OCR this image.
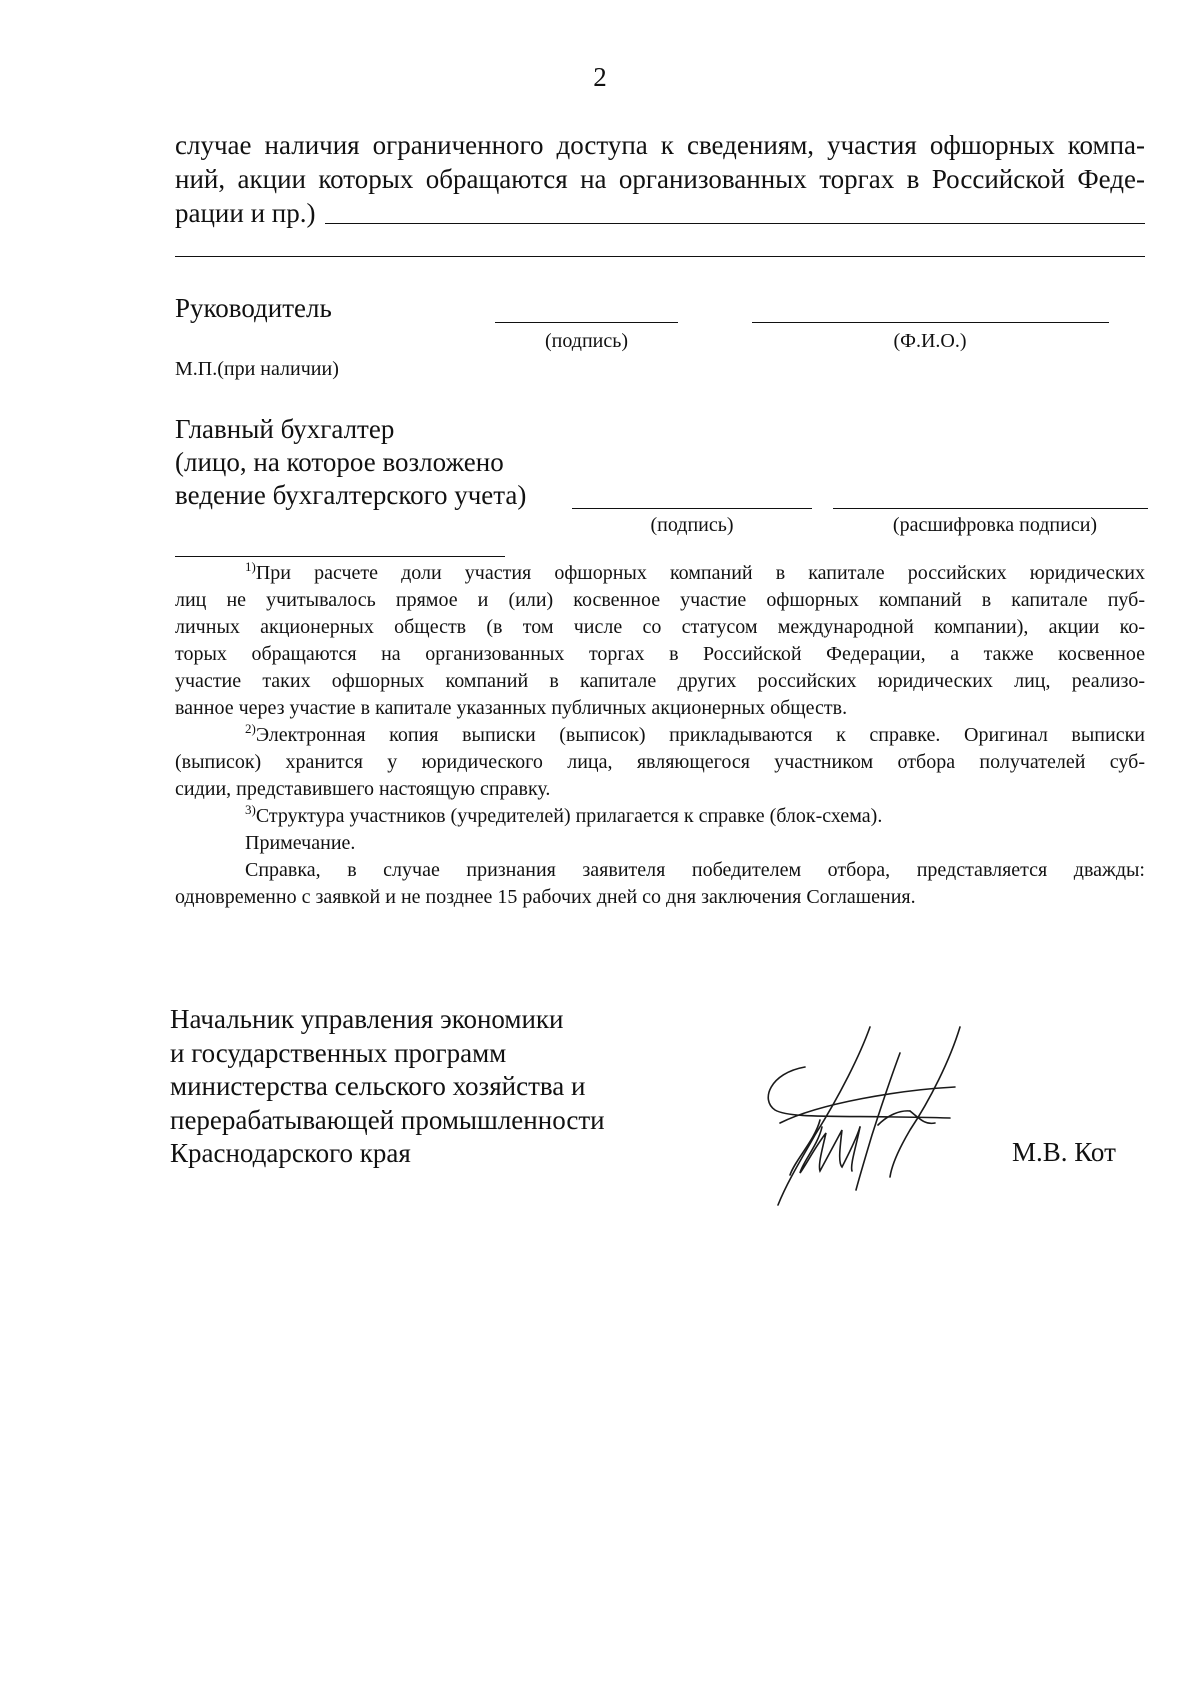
2
случае наличия ограниченного доступа к сведениям, участия офшорных компа-
ний, акции которых обращаются на организованных торгах в Российской Феде-
рации и пр.)
Руководитель
(подпись)	(Ф.И.О.)
М.П.(при наличии)
Главный бухгалтер
(лицо, на которое возложено
ведение бухгалтерского учета)
(подпись)	(расшифровка подписи)
$^{1)}$При расчете доли участия офшорных компаний в капитале российских юридических
лиц не учитывалось прямое и (или) косвенное участие офшорных компаний в капитале пуб-
личных акционерных обществ (в том числе со статусом международной компании), акции ко-
торых обращаются на организованных торгах в Российской Федерации, а также косвенное
участие таких офшорных компаний в капитале других российских юридических лиц, реализо-
ванное через участие в капитале указанных публичных акционерных обществ.
$^{2)}$Электронная копия выписки (выписок) прикладываются к справке. Оригинал выписки
(выписок) хранится у юридического лица, являющегося участником отбора получателей суб-
сидии, представившего настоящую справку.
$^{3)}$Структура участников (учредителей) прилагается к справке (блок-схема).
Примечание.
Справка, в случае признания заявителя победителем отбора, представляется дважды:
одновременно с заявкой и не позднее 15 рабочих дней со дня заключения Соглашения.
Начальник управления экономики
и государственных программ
министерства сельского хозяйства и
перерабатывающей промышленности
Краснодарского края	М.В. Кот
